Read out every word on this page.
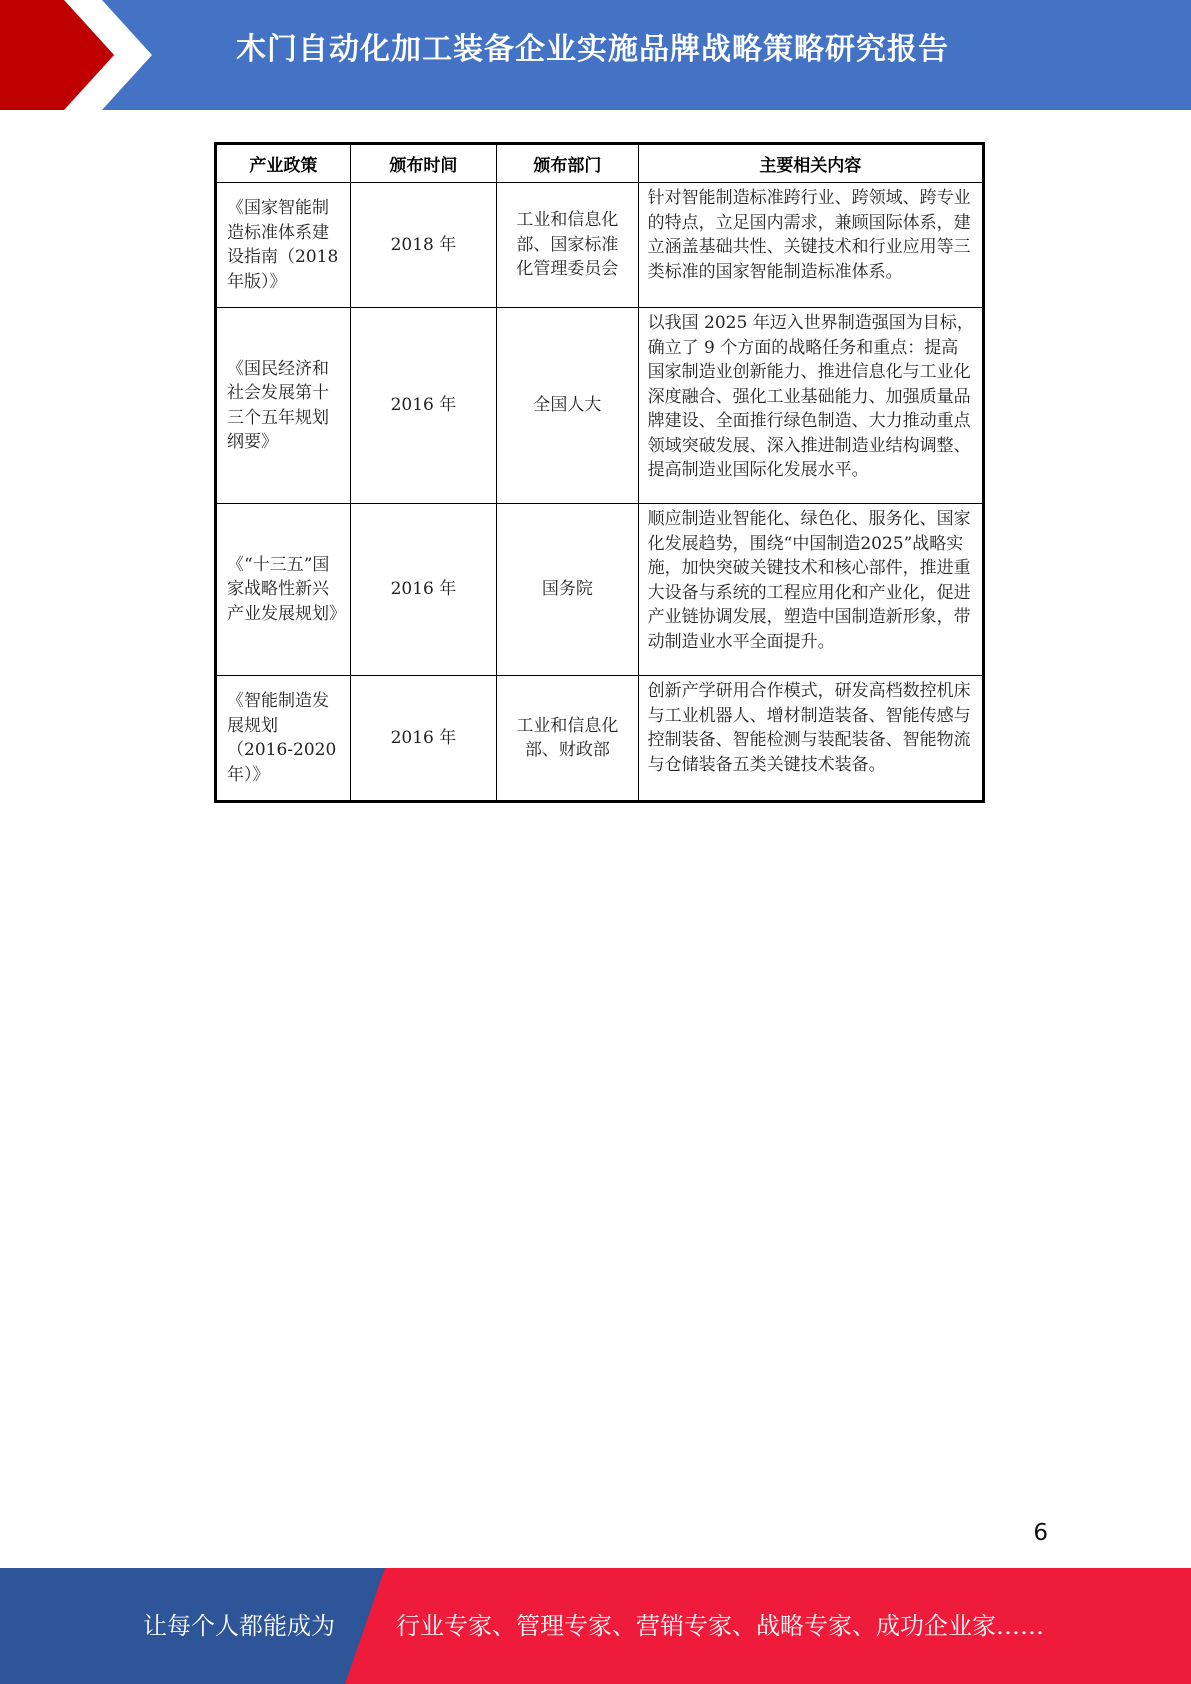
木门自动化加工装备企业实施品牌战略策略研究报告
产业政策	颁布时间	颁布部门	主要相关内容
《国家智能制造标准体系建设指南（2018年版）》	2018 年	工业和信息化部、国家标准化管理委员会	针对智能制造标准跨行业、跨领域、跨专业的特点，立足国内需求，兼顾国际体系，建立涵盖基础共性、关键技术和行业应用等三类标准的国家智能制造标准体系。
《国民经济和社会发展第十三个五年规划纲要》	2016 年	全国人大	以我国 2025 年迈入世界制造强国为目标，确立了 9 个方面的战略任务和重点：提高国家制造业创新能力、推进信息化与工业化深度融合、强化工业基础能力、加强质量品牌建设、全面推行绿色制造、大力推动重点领域突破发展、深入推进制造业结构调整、提高制造业国际化发展水平。
《“十三五”国家战略性新兴产业发展规划》	2016 年	国务院	顺应制造业智能化、绿色化、服务化、国家化发展趋势，围绕“中国制造2025”战略实施，加快突破关键技术和核心部件，推进重大设备与系统的工程应用化和产业化，促进产业链协调发展，塑造中国制造新形象，带动制造业水平全面提升。
《智能制造发展规划（2016-2020年）》	2016 年	工业和信息化部、财政部	创新产学研用合作模式，研发高档数控机床与工业机器人、增材制造装备、智能传感与控制装备、智能检测与装配装备、智能物流与仓储装备五类关键技术装备。
6
让每个人都能成为	行业专家、管理专家、营销专家、战略专家、成功企业家……
